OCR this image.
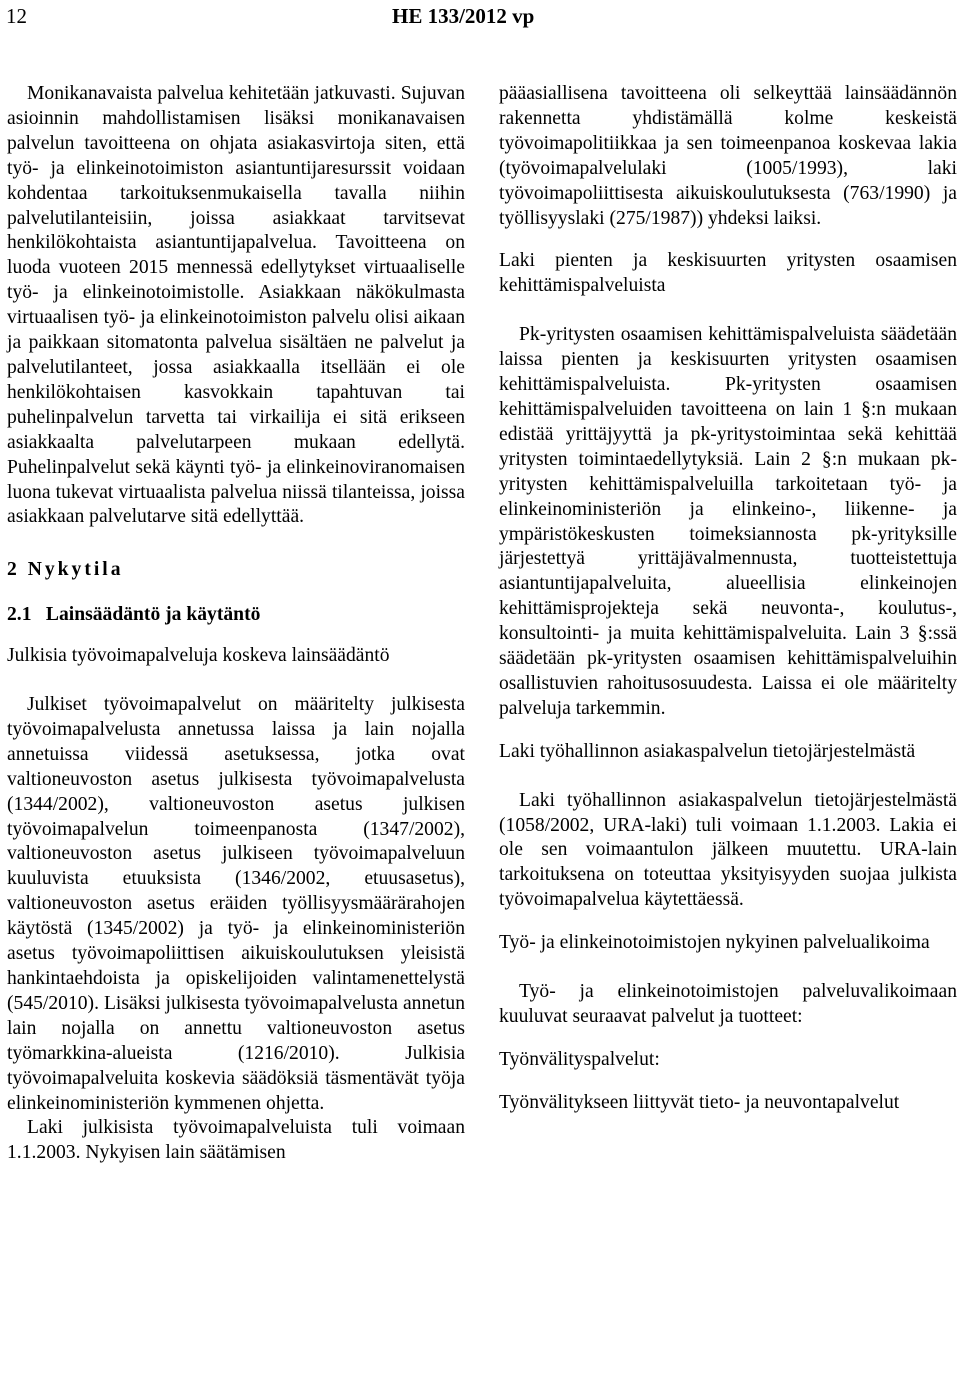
12	HE 133/2012 vp

Monikanavaista palvelua kehitetään jatkuvasti. Sujuvan asioinnin mahdollistamisen lisäksi monikanavaisen palvelun tavoitteena on ohjata asiakasvirtoja siten, että työ- ja elinkeinotoimiston asiantuntijaresurssit voidaan kohdentaa tarkoituksenmukaisella tavalla niihin palvelutilanteisiin, joissa asiakkaat tarvitsevat henkilökohtaista asiantuntijapalvelua. Tavoitteena on luoda vuoteen 2015 mennessä edellytykset virtuaaliselle työ- ja elinkeinotoimistolle. Asiakkaan näkökulmasta virtuaalisen työ- ja elinkeinotoimiston palvelu olisi aikaan ja paikkaan sitomatonta palvelua sisältäen ne palvelut ja palvelutilanteet, jossa asiakkaalla itsellään ei ole henkilökohtaisen kasvokkain tapahtuvan tai puhelinpalvelun tarvetta tai virkailija ei sitä erikseen asiakkaalta palvelutarpeen mukaan edellytä. Puhelinpalvelut sekä käynti työ- ja elinkeinoviranomaisen luona tukevat virtuaalista palvelua niissä tilanteissa, joissa asiakkaan palvelutarve sitä edellyttää.

2 Nykytila
2.1 Lainsäädäntö ja käytäntö

Julkisia työvoimapalveluja koskeva lainsäädäntö

Julkiset työvoimapalvelut on määritelty julkisesta työvoimapalvelusta annetussa laissa ja lain nojalla annetuissa viidessä asetuksessa, jotka ovat valtioneuvoston asetus julkisesta työvoimapalvelusta (1344/2002), valtioneuvoston asetus julkisen työvoimapalvelun toimeenpanosta (1347/2002), valtioneuvoston asetus julkiseen työvoimapalveluun kuuluvista etuuksista (1346/2002, etuusasetus), valtioneuvoston asetus eräiden työllisyysmäärärahojen käytöstä (1345/2002) ja työ- ja elinkeinoministeriön asetus työvoimapoliittisen aikuiskoulutuksen yleisistä hankintaehdoista ja opiskelijoiden valintamenettelystä (545/2010). Lisäksi julkisesta työvoimapalvelusta annetun lain nojalla on annettu valtioneuvoston asetus työmarkkina-alueista (1216/2010). Julkisia työvoimapalveluita koskevia säädöksiä täsmentävät työja elinkeinoministeriön kymmenen ohjetta.

Laki julkisista työvoimapalveluista tuli voimaan 1.1.2003. Nykyisen lain säätämisen

pääasiallisena tavoitteena oli selkeyttää lainsäädännön rakennetta yhdistämällä kolme keskeistä työvoimapolitiikkaa ja sen toimeenpanoa koskevaa lakia (työvoimapalvelulaki (1005/1993), laki työvoimapoliittisesta aikuiskoulutuksesta (763/1990) ja työllisyyslaki (275/1987)) yhdeksi laiksi.

Laki pienten ja keskisuurten yritysten osaamisen kehittämispalveluista

Pk-yritysten osaamisen kehittämispalveluista säädetään laissa pienten ja keskisuurten yritysten osaamisen kehittämispalveluista. Pk-yritysten osaamisen kehittämispalveluiden tavoitteena on lain 1 §:n mukaan edistää yrittäjyyttä ja pk-yritystoimintaa sekä kehittää yritysten toimintaedellytyksiä. Lain 2 §:n mukaan pk-yritysten kehittämispalveluilla tarkoitetaan työ- ja elinkeinoministeriön ja elinkeino-, liikenne- ja ympäristökeskusten toimeksiannosta pk-yrityksille järjestettyä yrittäjävalmennusta, tuotteistettuja asiantuntijapalveluita, alueellisia elinkeinojen kehittämisprojekteja sekä neuvonta-, koulutus-, konsultointi- ja muita kehittämispalveluita. Lain 3 §:ssä säädetään pk-yritysten osaamisen kehittämispalveluihin osallistuvien rahoitusosuudesta. Laissa ei ole määritelty palveluja tarkemmin.

Laki työhallinnon asiakaspalvelun tietojärjestelmästä

Laki työhallinnon asiakaspalvelun tietojärjestelmästä (1058/2002, URA-laki) tuli voimaan 1.1.2003. Lakia ei ole sen voimaantulon jälkeen muutettu. URA-lain tarkoituksena on toteuttaa yksityisyyden suojaa julkista työvoimapalvelua käytettäessä.

Työ- ja elinkeinotoimistojen nykyinen palvelualikoima

Työ- ja elinkeinotoimistojen palveluvalikoimaan kuuluvat seuraavat palvelut ja tuotteet:

Työnvälityspalvelut:

Työnvälitykseen liittyvät tieto- ja neuvontapalvelut
